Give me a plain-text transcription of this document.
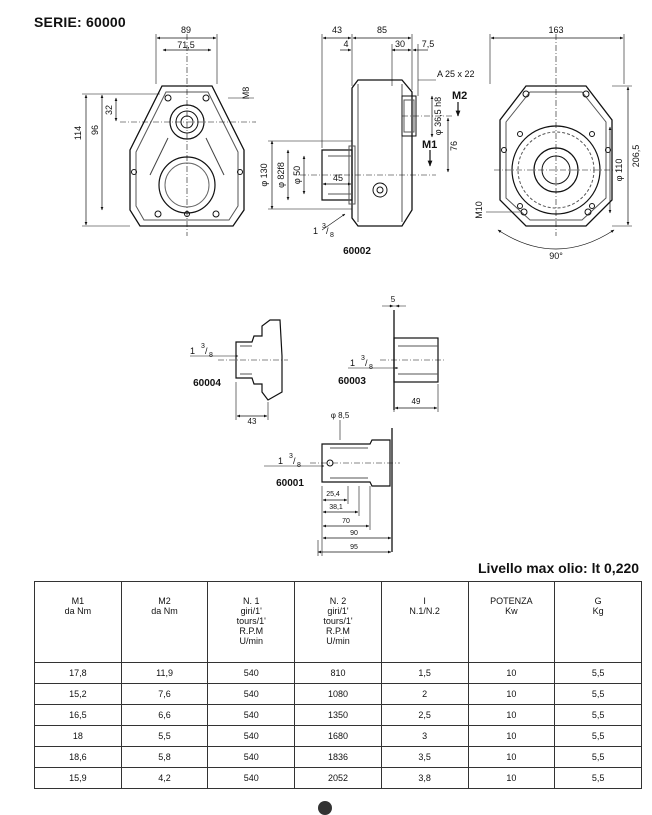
SERIE: 60000	89
71,5
M8
32
96
114
43	85
4	30 7,5
A 25 x 22
M2
M1
φ 36,5 h8
76
φ 130 φ 82f8 φ 50	45
1 3 / 8
60002
163
206,5
φ 110
M10
90°
1 3 / 8
43
60004
5
1 3 / 8
49
60003
φ 8,5
1 3 / 8
60001
25,4
38,1
70
90
95
Livello max olio: lt 0,220
M1
da Nm	M2
da Nm	N. 1
giri/1'
tours/1'
R.P.M
U/min	N. 2
giri/1'
tours/1'
R.P.M
U/min	I
N.1/N.2	POTENZA
Kw	G
Kg

17,8	11,9	540	810	1,5	10	5,5
15,2	7,6	540	1080	2	10	5,5
16,5	6,6	540	1350	2,5	10	5,5
18	5,5	540	1680	3	10	5,5
18,6	5,8	540	1836	3,5	10	5,5
15,9	4,2	540	2052	3,8	10	5,5
